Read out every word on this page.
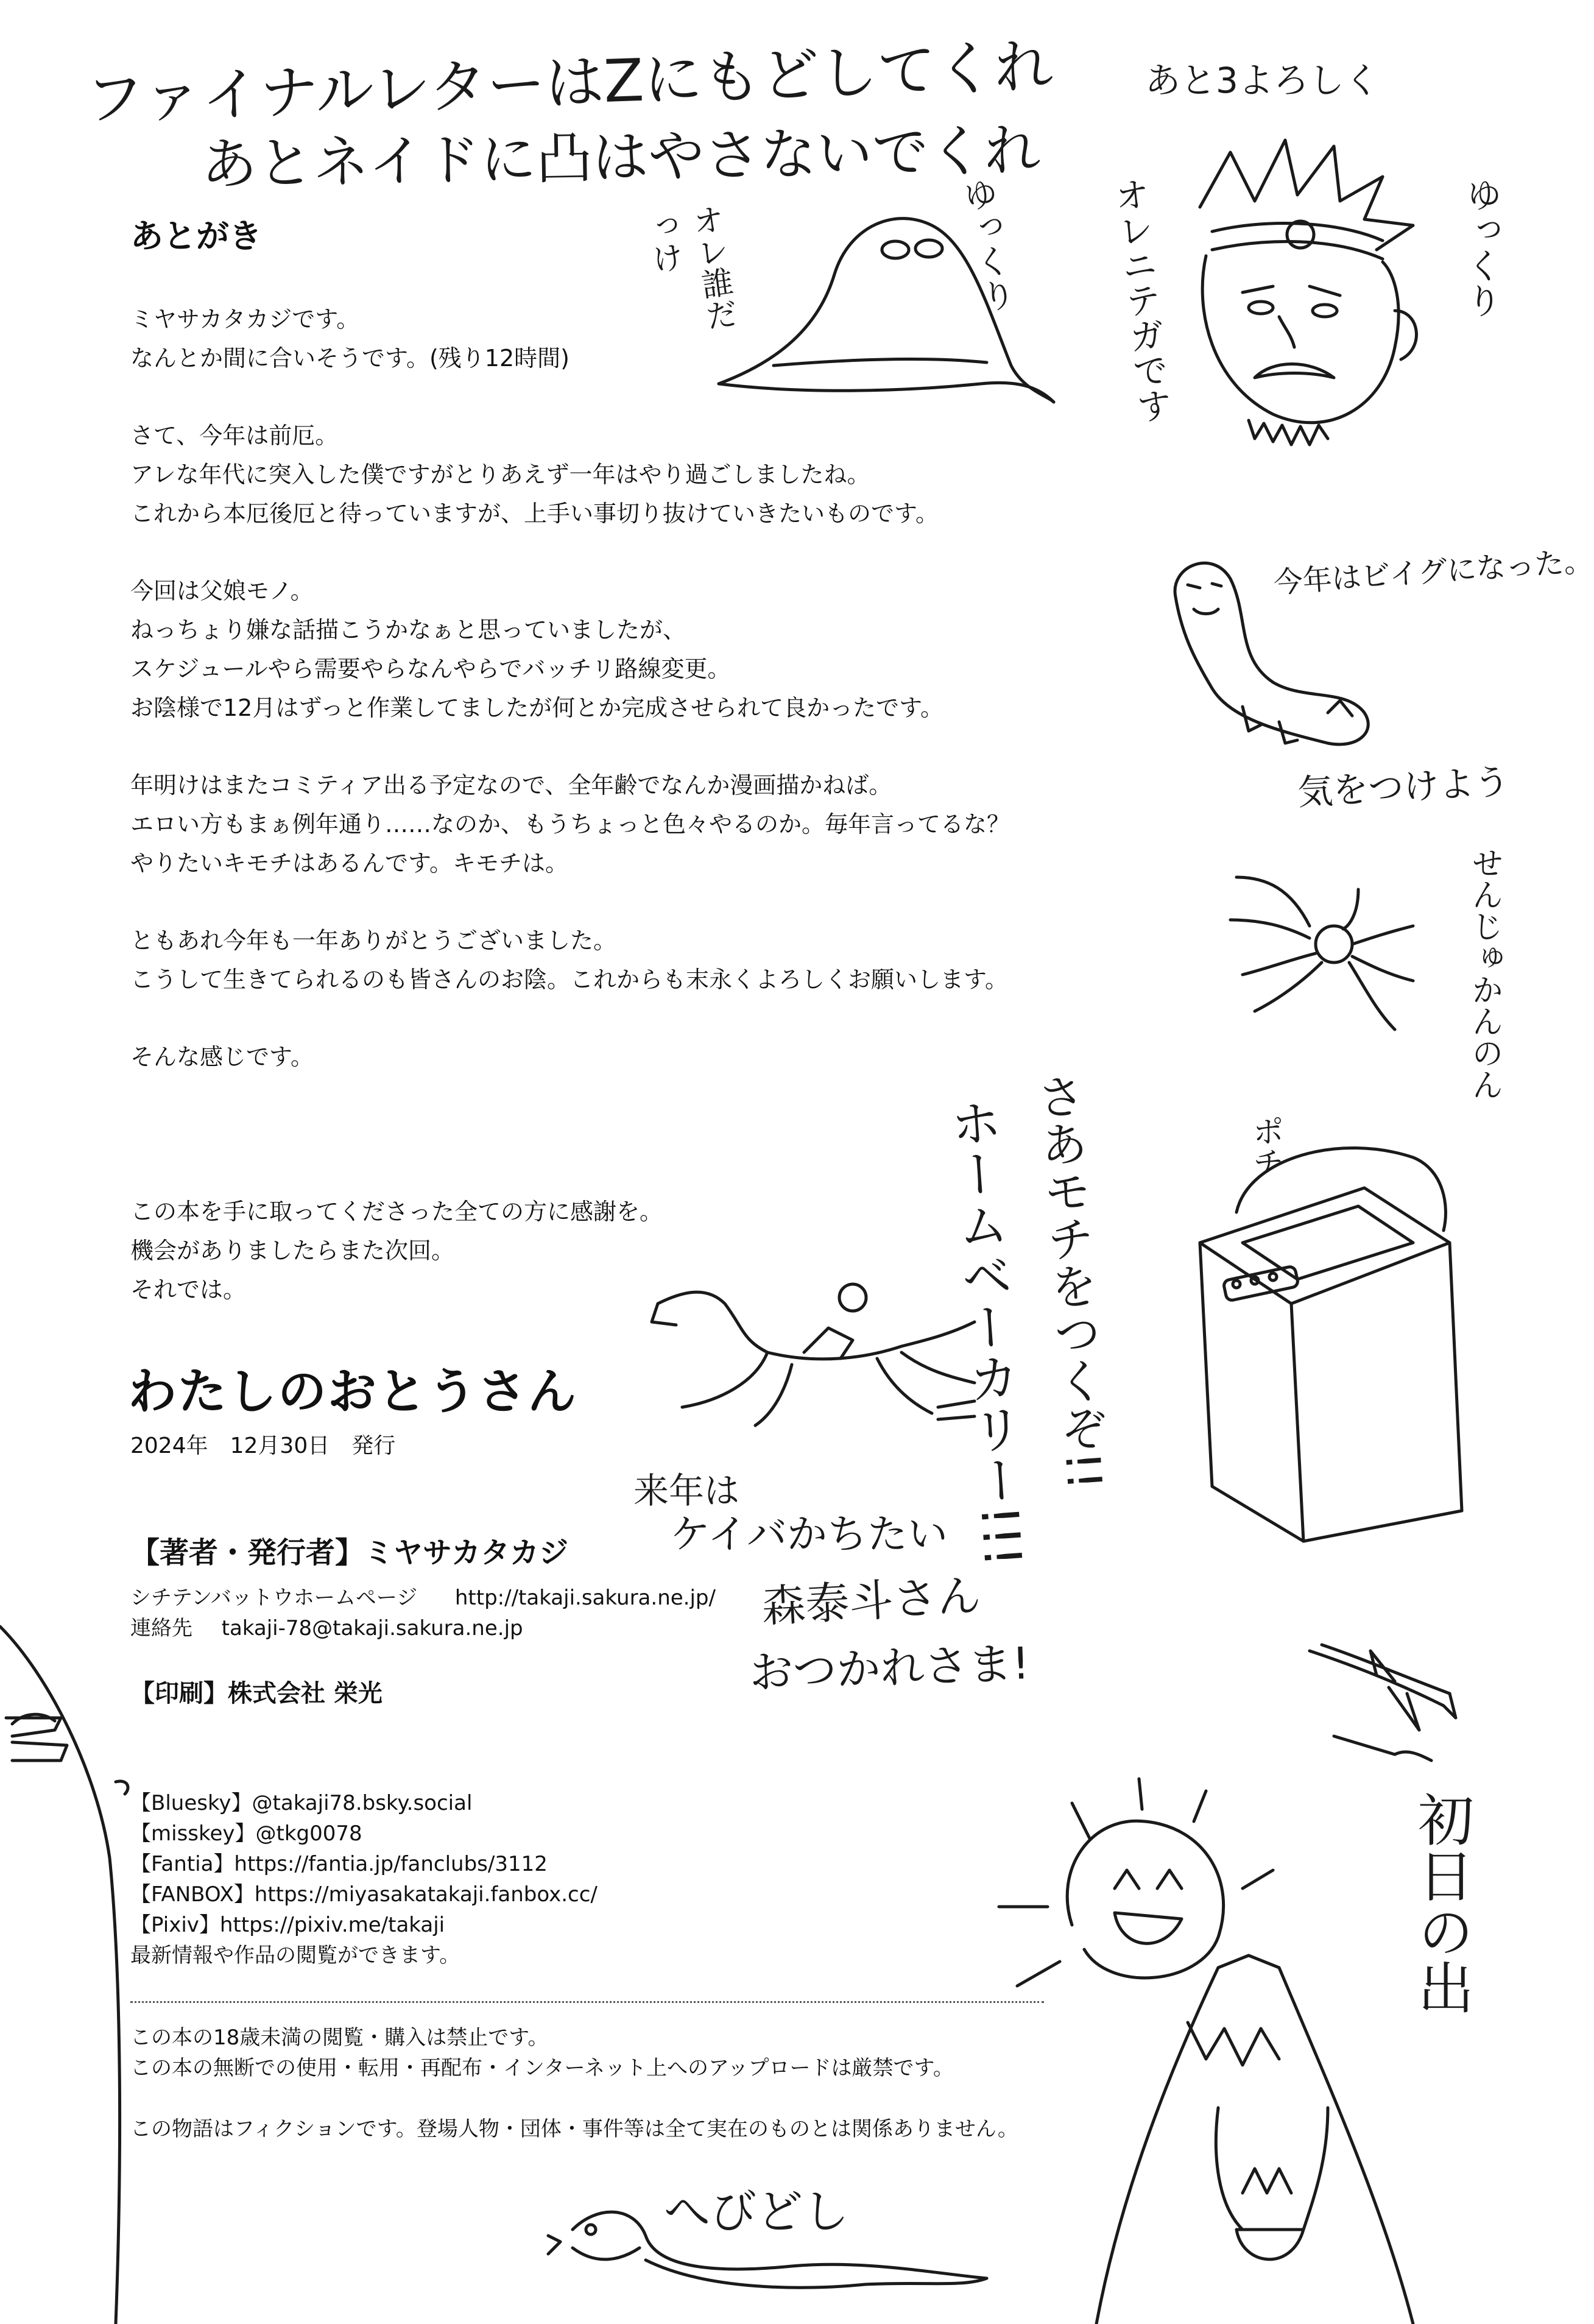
ファイナルレターはZにもどしてくれ
あとネイドに凸はやさないでくれ
あと3よろしく
あとがき
ミヤサカタカジです。
なんとか間に合いそうです。(残り12時間)
さて、今年は前厄。
アレな年代に突入した僕ですがとりあえず一年はやり過ごしましたね。
これから本厄後厄と待っていますが、上手い事切り抜けていきたいものです。
今回は父娘モノ。
ねっちょり嫌な話描こうかなぁと思っていましたが、
スケジュールやら需要やらなんやらでバッチリ路線変更。
お陰様で12月はずっと作業してましたが何とか完成させられて良かったです。
年明けはまたコミティア出る予定なので、全年齢でなんか漫画描かねば。
エロい方もまぁ例年通り……なのか、もうちょっと色々やるのか。毎年言ってるな？
やりたいキモチはあるんです。キモチは。
ともあれ今年も一年ありがとうございました。
こうして生きてられるのも皆さんのお陰。これからも末永くよろしくお願いします。
そんな感じです。
この本を手に取ってくださった全ての方に感謝を。
機会がありましたらまた次回。
それでは。
わたしのおとうさん
2024年　12月30日　発行
【著者・発行者】ミヤサカタカジ
シチテンバットウホームページ http://takaji.sakura.ne.jp/
連絡先 takaji-78@takaji.sakura.ne.jp
【印刷】株式会社 栄光
【Bluesky】@takaji78.bsky.social
【misskey】@tkg0078
【Fantia】https://fantia.jp/fanclubs/3112
【FANBOX】https://miyasakatakaji.fanbox.cc/
【Pixiv】https://pixiv.me/takaji
最新情報や作品の閲覧ができます。
この本の18歳未満の閲覧・購入は禁止です。
この本の無断での使用・転用・再配布・インターネット上へのアップロードは厳禁です。
この物語はフィクションです。登場人物・団体・事件等は全て実在のものとは関係ありません。
オレ誰だっけ	ゆっくり	オレニテガです	ゆっくり
今年はビイグになった。
気をつけよう
せんじゅかんのん
ポチ
さあモチをつくぞ!!
ホームベーカリー!!!
来年は
ケイバかちたい
森泰斗さん
おつかれさま!
初日の出
へびどし
